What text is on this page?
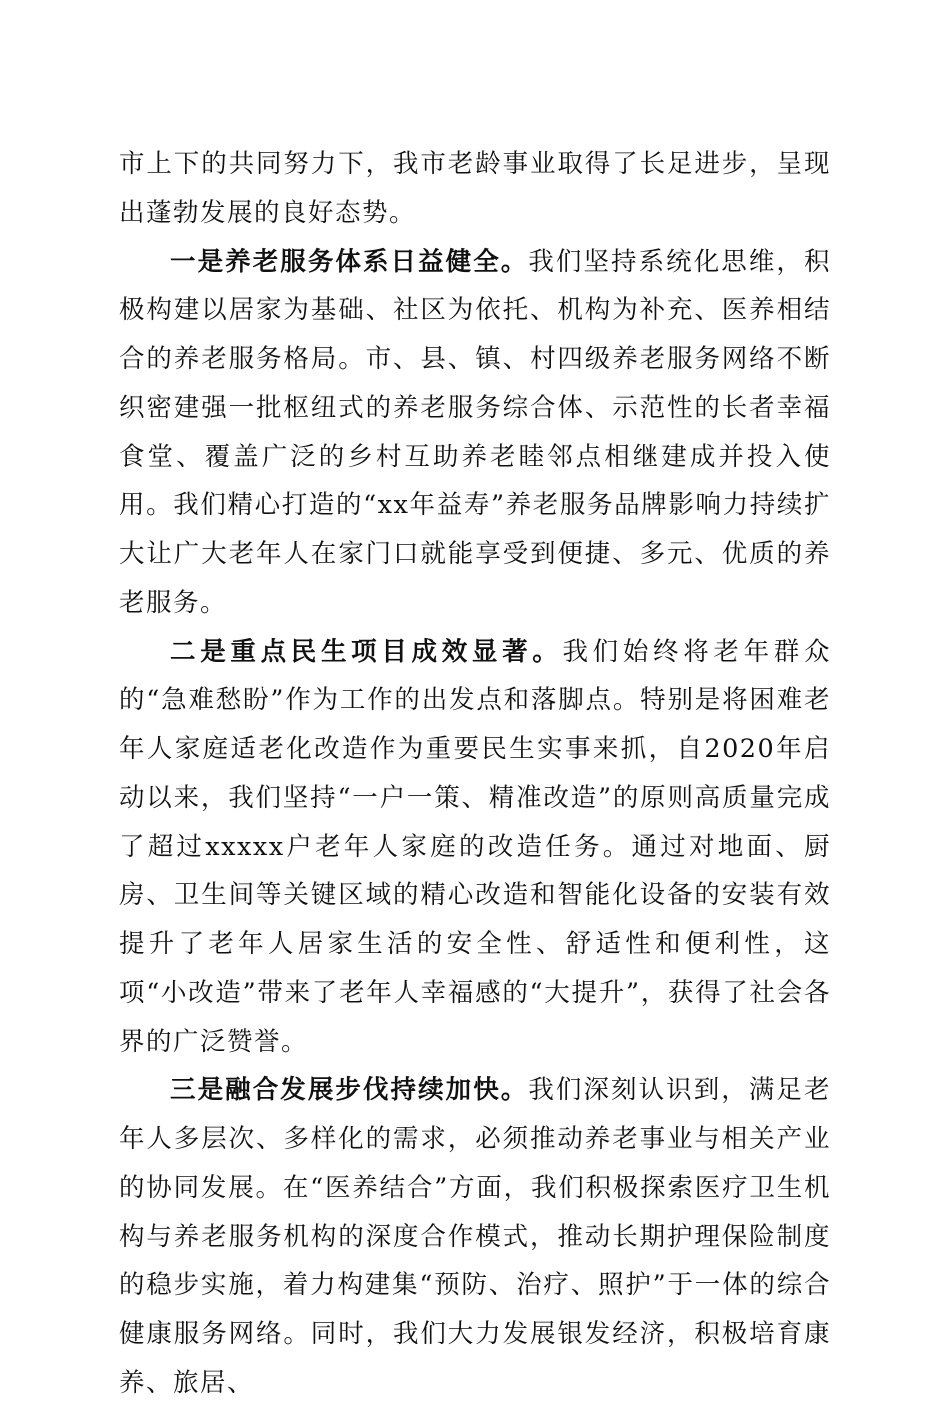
市上下的共同努力下，我市老龄事业取得了长足进步，呈现出蓬勃发展的良好态势。

一是养老服务体系日益健全。我们坚持系统化思维，积极构建以居家为基础、社区为依托、机构为补充、医养相结合的养老服务格局。市、县、镇、村四级养老服务网络不断织密建强一批枢纽式的养老服务综合体、示范性的长者幸福食堂、覆盖广泛的乡村互助养老睦邻点相继建成并投入使用。我们精心打造的“xx年益寿”养老服务品牌影响力持续扩大让广大老年人在家门口就能享受到便捷、多元、优质的养老服务。

二是重点民生项目成效显著。我们始终将老年群众的“急难愁盼”作为工作的出发点和落脚点。特别是将困难老年人家庭适老化改造作为重要民生实事来抓，自2020年启动以来，我们坚持“一户一策、精准改造”的原则高质量完成了超过xxxxx户老年人家庭的改造任务。通过对地面、厨房、卫生间等关键区域的精心改造和智能化设备的安装有效提升了老年人居家生活的安全性、舒适性和便利性，这项“小改造”带来了老年人幸福感的“大提升”，获得了社会各界的广泛赞誉。

三是融合发展步伐持续加快。我们深刻认识到，满足老年人多层次、多样化的需求，必须推动养老事业与相关产业的协同发展。在“医养结合”方面，我们积极探索医疗卫生机构与养老服务机构的深度合作模式，推动长期护理保险制度的稳步实施，着力构建集“预防、治疗、照护”于一体的综合健康服务网络。同时，我们大力发展银发经济，积极培育康养、旅居、
